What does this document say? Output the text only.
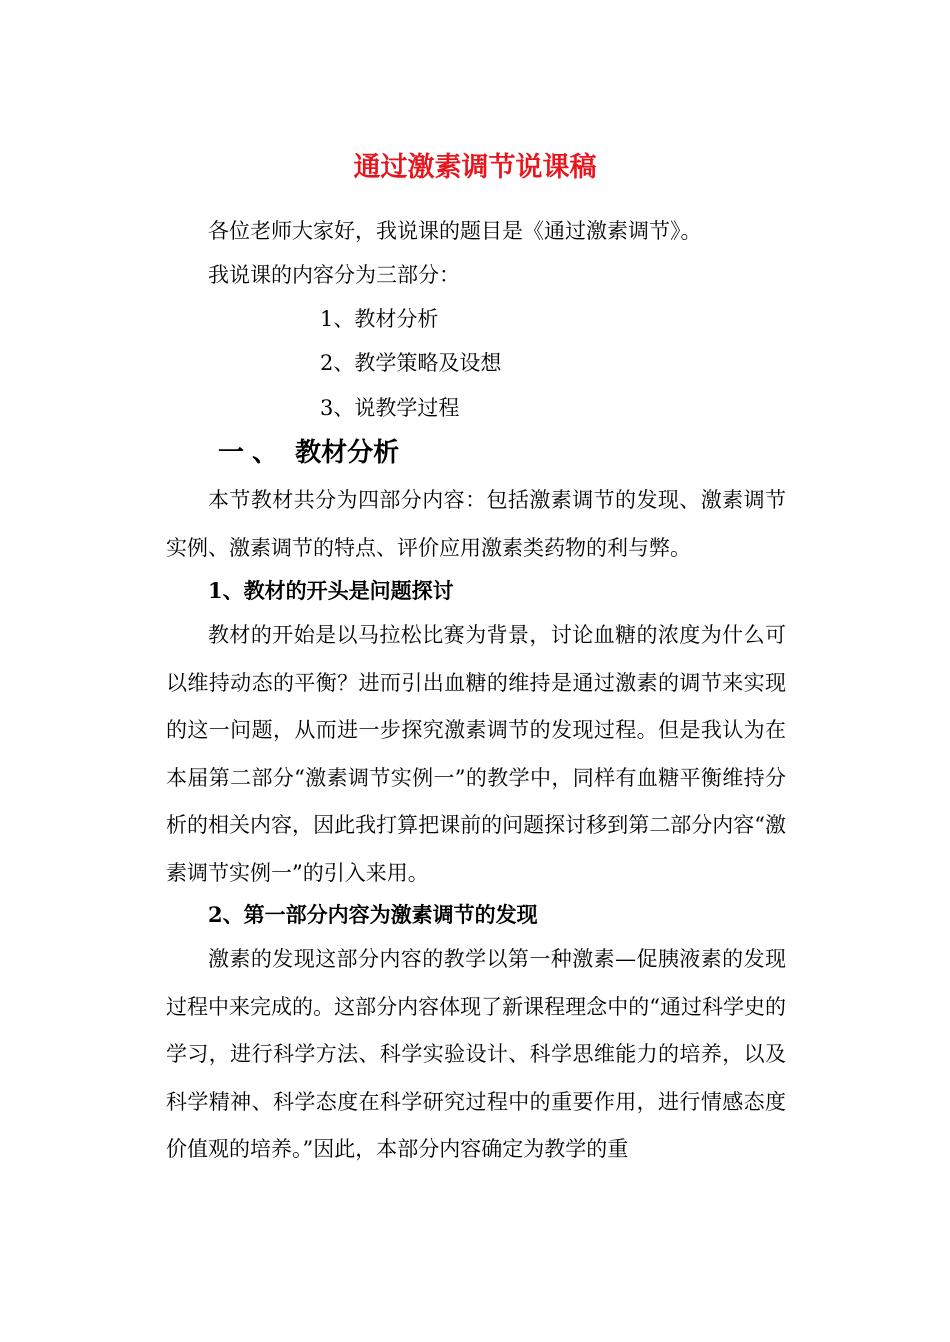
通过激素调节说课稿
各位老师大家好，我说课的题目是《通过激素调节》。
我说课的内容分为三部分：
1、教材分析
2、教学策略及设想
3、说教学过程
一、 教材分析
本节教材共分为四部分内容：包括激素调节的发现、激素调节实例、激素调节的特点、评价应用激素类药物的利与弊。
1、教材的开头是问题探讨
教材的开始是以马拉松比赛为背景，讨论血糖的浓度为什么可以维持动态的平衡？进而引出血糖的维持是通过激素的调节来实现的这一问题，从而进一步探究激素调节的发现过程。但是我认为在本届第二部分“激素调节实例一”的教学中，同样有血糖平衡维持分析的相关内容，因此我打算把课前的问题探讨移到第二部分内容“激素调节实例一”的引入来用。
2、第一部分内容为激素调节的发现
激素的发现这部分内容的教学以第一种激素—促胰液素的发现过程中来完成的。这部分内容体现了新课程理念中的“通过科学史的学习，进行科学方法、科学实验设计、科学思维能力的培养，以及科学精神、科学态度在科学研究过程中的重要作用，进行情感态度价值观的培养。”因此，本部分内容确定为教学的重
